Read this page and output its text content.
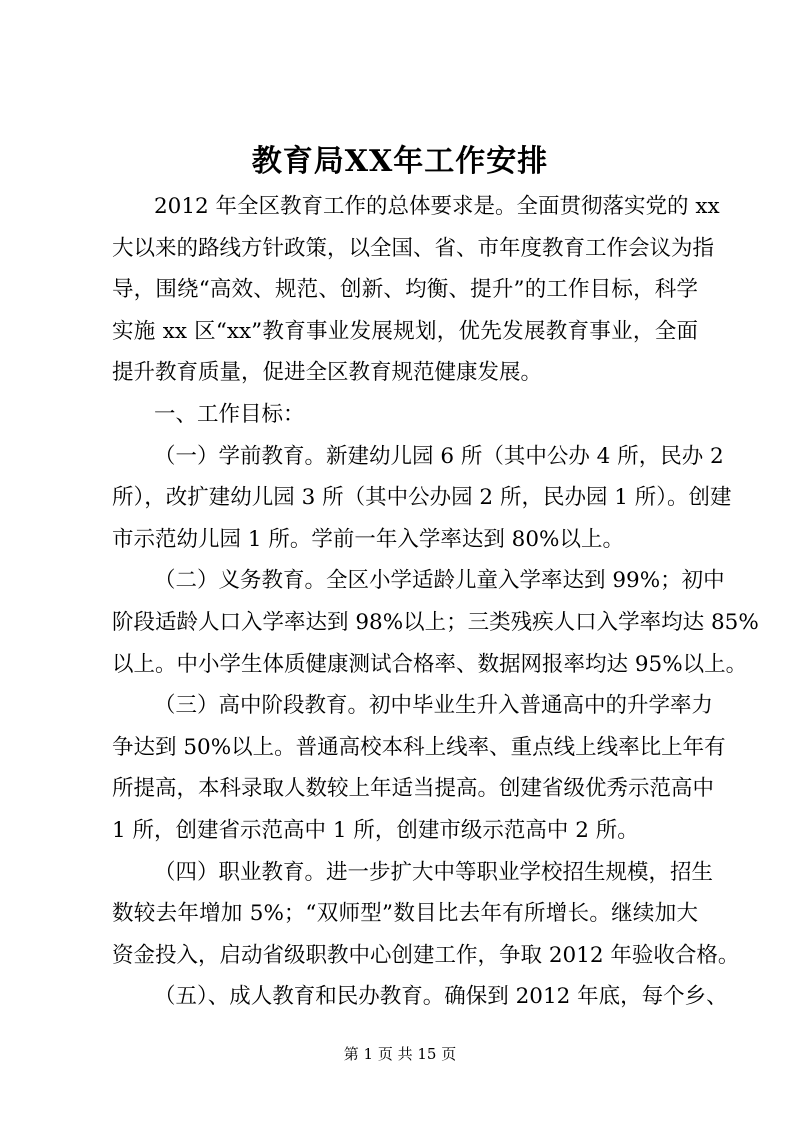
教育局XX年工作安排
2012 年全区教育工作的总体要求是。全面贯彻落实党的 xx
大以来的路线方针政策，以全国、省、市年度教育工作会议为指
导，围绕“高效、规范、创新、均衡、提升”的工作目标，科学
实施 xx 区“xx”教育事业发展规划，优先发展教育事业，全面
提升教育质量，促进全区教育规范健康发展。
一、工作目标：
（一）学前教育。新建幼儿园 6 所（其中公办 4 所，民办 2
所），改扩建幼儿园 3 所（其中公办园 2 所，民办园 1 所）。创建
市示范幼儿园 1 所。学前一年入学率达到 80%以上。
（二）义务教育。全区小学适龄儿童入学率达到 99%；初中
阶段适龄人口入学率达到 98%以上；三类残疾人口入学率均达 85%
以上。中小学生体质健康测试合格率、数据网报率均达 95%以上。
（三）高中阶段教育。初中毕业生升入普通高中的升学率力
争达到 50%以上。普通高校本科上线率、重点线上线率比上年有
所提高，本科录取人数较上年适当提高。创建省级优秀示范高中
1 所，创建省示范高中 1 所，创建市级示范高中 2 所。
（四）职业教育。进一步扩大中等职业学校招生规模，招生
数较去年增加 5%；“双师型”数目比去年有所增长。继续加大
资金投入，启动省级职教中心创建工作，争取 2012 年验收合格。
第 1 页 共 15 页
（五）、成人教育和民办教育。确保到 2012 年底，每个乡、
